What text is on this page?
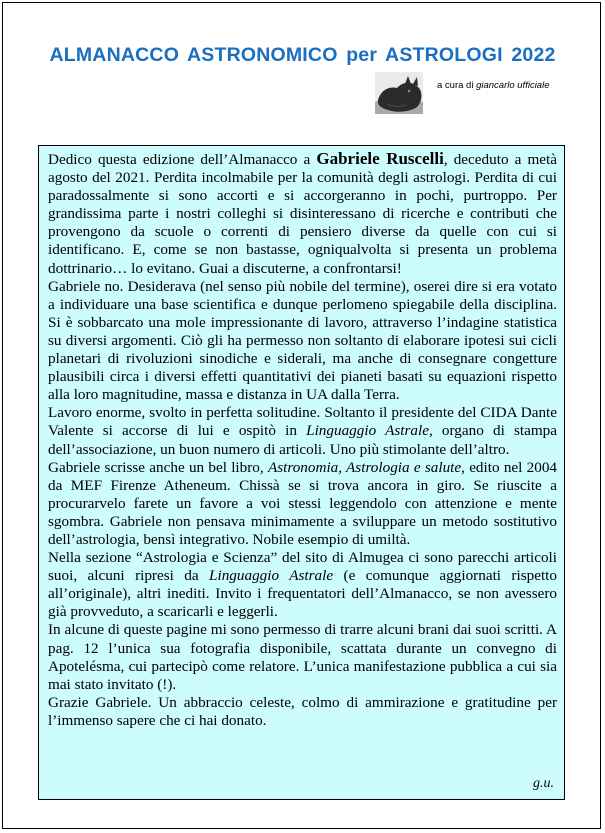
ALMANACCO ASTRONOMICO per ASTROLOGI 2022
a cura di giancarlo ufficiale

Dedico questa edizione dell’Almanacco a Gabriele Ruscelli, deceduto a metà agosto del 2021. Perdita incolmabile per la comunità degli astrologi. Perdita di cui paradossalmente si sono accorti e si accorgeranno in pochi, purtroppo. Per grandissima parte i nostri colleghi si disinteressano di ricerche e contributi che provengono da scuole o correnti di pensiero diverse da quelle con cui si identificano. E, come se non bastasse, ogniqualvolta si presenta un problema dottrinario… lo evitano. Guai a discuterne, a confrontarsi!

Gabriele no. Desiderava (nel senso più nobile del termine), oserei dire si era votato a individuare una base scientifica e dunque perlomeno spiegabile della disciplina. Si è sobbarcato una mole impressionante di lavoro, attraverso l’indagine statistica su diversi argomenti. Ciò gli ha permesso non soltanto di elaborare ipotesi sui cicli planetari di rivoluzioni sinodiche e siderali, ma anche di consegnare congetture plausibili circa i diversi effetti quantitativi dei pianeti basati su equazioni rispetto alla loro magnitudine, massa e distanza in UA dalla Terra.

Lavoro enorme, svolto in perfetta solitudine. Soltanto il presidente del CIDA Dante Valente si accorse di lui e ospitò in Linguaggio Astrale, organo di stampa dell’associazione, un buon numero di articoli. Uno più stimolante dell’altro.

Gabriele scrisse anche un bel libro, Astronomia, Astrologia e salute, edito nel 2004 da MEF Firenze Atheneum. Chissà se si trova ancora in giro. Se riuscite a procurarvelo farete un favore a voi stessi leggendolo con attenzione e mente sgombra. Gabriele non pensava minimamente a sviluppare un metodo sostitutivo dell’astrologia, bensì integrativo. Nobile esempio di umiltà.

Nella sezione “Astrologia e Scienza” del sito di Almugea ci sono parecchi articoli suoi, alcuni ripresi da Linguaggio Astrale (e comunque aggiornati rispetto all’originale), altri inediti. Invito i frequentatori dell’Almanacco, se non avessero già provveduto, a scaricarli e leggerli.

In alcune di queste pagine mi sono permesso di trarre alcuni brani dai suoi scritti. A pag. 12 l’unica sua fotografia disponibile, scattata durante un convegno di Apotelésma, cui partecipò come relatore. L’unica manifestazione pubblica a cui sia mai stato invitato (!).

Grazie Gabriele. Un abbraccio celeste, colmo di ammirazione e gratitudine per l’immenso sapere che ci hai donato.

g.u.
